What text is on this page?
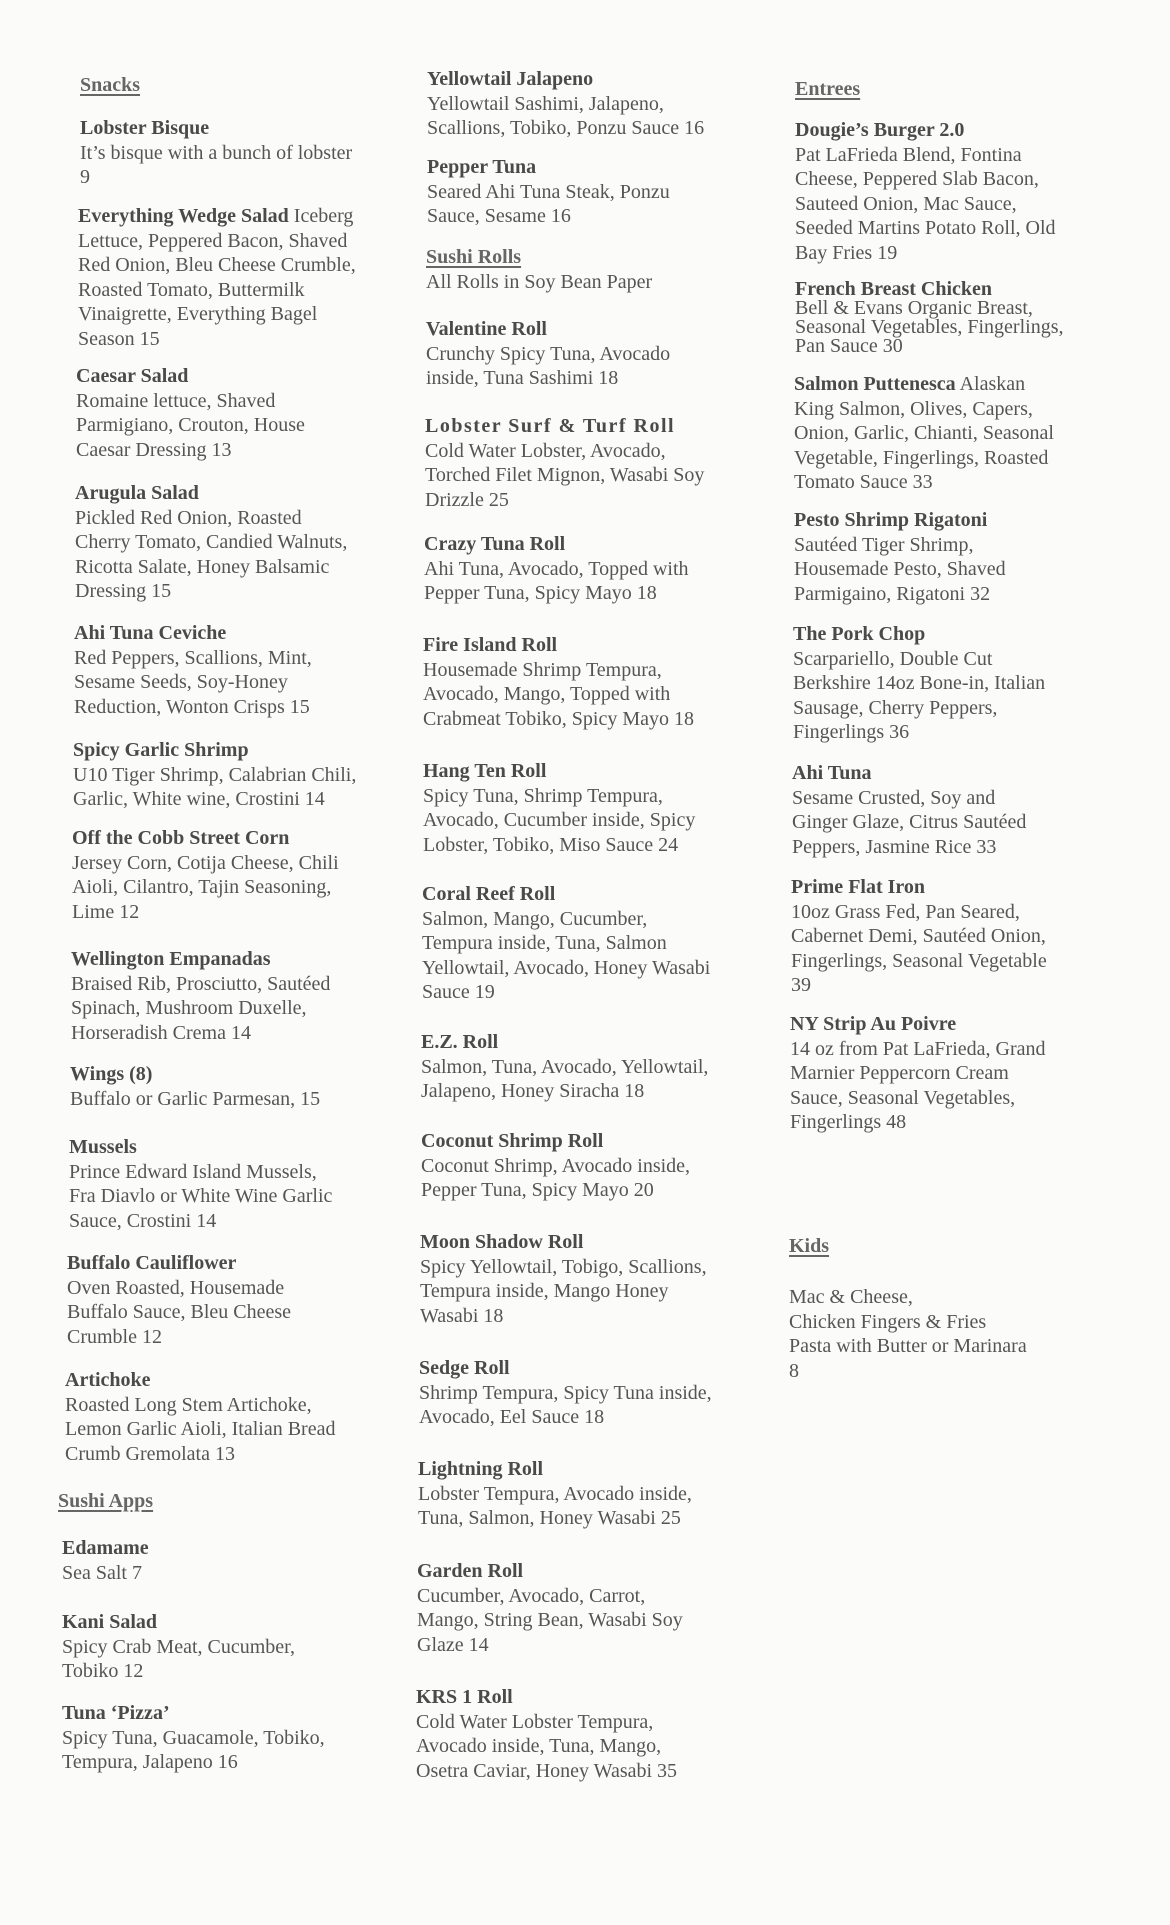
Snacks
Lobster Bisque
It’s bisque with a bunch of lobster
9
Everything Wedge Salad Iceberg
Lettuce, Peppered Bacon, Shaved
Red Onion, Bleu Cheese Crumble,
Roasted Tomato, Buttermilk
Vinaigrette, Everything Bagel
Season 15
Caesar Salad
Romaine lettuce, Shaved
Parmigiano, Crouton, House
Caesar Dressing 13
Arugula Salad
Pickled Red Onion, Roasted
Cherry Tomato, Candied Walnuts,
Ricotta Salate, Honey Balsamic
Dressing 15
Ahi Tuna Ceviche
Red Peppers, Scallions, Mint,
Sesame Seeds, Soy-Honey
Reduction, Wonton Crisps 15
Spicy Garlic Shrimp
U10 Tiger Shrimp, Calabrian Chili,
Garlic, White wine, Crostini 14
Off the Cobb Street Corn
Jersey Corn, Cotija Cheese, Chili
Aioli, Cilantro, Tajin Seasoning,
Lime 12
Wellington Empanadas
Braised Rib, Prosciutto, Sautéed
Spinach, Mushroom Duxelle,
Horseradish Crema 14
Wings (8)
Buffalo or Garlic Parmesan, 15
Mussels
Prince Edward Island Mussels,
Fra Diavlo or White Wine Garlic
Sauce, Crostini 14
Buffalo Cauliflower
Oven Roasted, Housemade
Buffalo Sauce, Bleu Cheese
Crumble 12
Artichoke
Roasted Long Stem Artichoke,
Lemon Garlic Aioli, Italian Bread
Crumb Gremolata 13
Sushi Apps
Edamame
Sea Salt 7
Kani Salad
Spicy Crab Meat, Cucumber,
Tobiko 12
Tuna ‘Pizza’
Spicy Tuna, Guacamole, Tobiko,
Tempura, Jalapeno 16
Yellowtail Jalapeno
Yellowtail Sashimi, Jalapeno,
Scallions, Tobiko, Ponzu Sauce 16
Pepper Tuna
Seared Ahi Tuna Steak, Ponzu
Sauce, Sesame 16
Sushi Rolls
All Rolls in Soy Bean Paper
Valentine Roll
Crunchy Spicy Tuna, Avocado
inside, Tuna Sashimi 18
Lobster Surf & Turf Roll
Cold Water Lobster, Avocado,
Torched Filet Mignon, Wasabi Soy
Drizzle 25
Crazy Tuna Roll
Ahi Tuna, Avocado, Topped with
Pepper Tuna, Spicy Mayo 18
Fire Island Roll
Housemade Shrimp Tempura,
Avocado, Mango, Topped with
Crabmeat Tobiko, Spicy Mayo 18
Hang Ten Roll
Spicy Tuna, Shrimp Tempura,
Avocado, Cucumber inside, Spicy
Lobster, Tobiko, Miso Sauce 24
Coral Reef Roll
Salmon, Mango, Cucumber,
Tempura inside, Tuna, Salmon
Yellowtail, Avocado, Honey Wasabi
Sauce 19
E.Z. Roll
Salmon, Tuna, Avocado, Yellowtail,
Jalapeno, Honey Siracha 18
Coconut Shrimp Roll
Coconut Shrimp, Avocado inside,
Pepper Tuna, Spicy Mayo 20
Moon Shadow Roll
Spicy Yellowtail, Tobigo, Scallions,
Tempura inside, Mango Honey
Wasabi 18
Sedge Roll
Shrimp Tempura, Spicy Tuna inside,
Avocado, Eel Sauce 18
Lightning Roll
Lobster Tempura, Avocado inside,
Tuna, Salmon, Honey Wasabi 25
Garden Roll
Cucumber, Avocado, Carrot,
Mango, String Bean, Wasabi Soy
Glaze 14
KRS 1 Roll
Cold Water Lobster Tempura,
Avocado inside, Tuna, Mango,
Osetra Caviar, Honey Wasabi 35
Entrees
Dougie’s Burger 2.0
Pat LaFrieda Blend, Fontina
Cheese, Peppered Slab Bacon,
Sauteed Onion, Mac Sauce,
Seeded Martins Potato Roll, Old
Bay Fries 19
French Breast Chicken
Bell & Evans Organic Breast,
Seasonal Vegetables, Fingerlings,
Pan Sauce 30
Salmon Puttenesca Alaskan
King Salmon, Olives, Capers,
Onion, Garlic, Chianti, Seasonal
Vegetable, Fingerlings, Roasted
Tomato Sauce 33
Pesto Shrimp Rigatoni
Sautéed Tiger Shrimp,
Housemade Pesto, Shaved
Parmigaino, Rigatoni 32
The Pork Chop
Scarpariello, Double Cut
Berkshire 14oz Bone-in, Italian
Sausage, Cherry Peppers,
Fingerlings 36
Ahi Tuna
Sesame Crusted, Soy and
Ginger Glaze, Citrus Sautéed
Peppers, Jasmine Rice 33
Prime Flat Iron
10oz Grass Fed, Pan Seared,
Cabernet Demi, Sautéed Onion,
Fingerlings, Seasonal Vegetable
39
NY Strip Au Poivre
14 oz from Pat LaFrieda, Grand
Marnier Peppercorn Cream
Sauce, Seasonal Vegetables,
Fingerlings 48
Kids
Mac & Cheese,
Chicken Fingers & Fries
Pasta with Butter or Marinara
8
